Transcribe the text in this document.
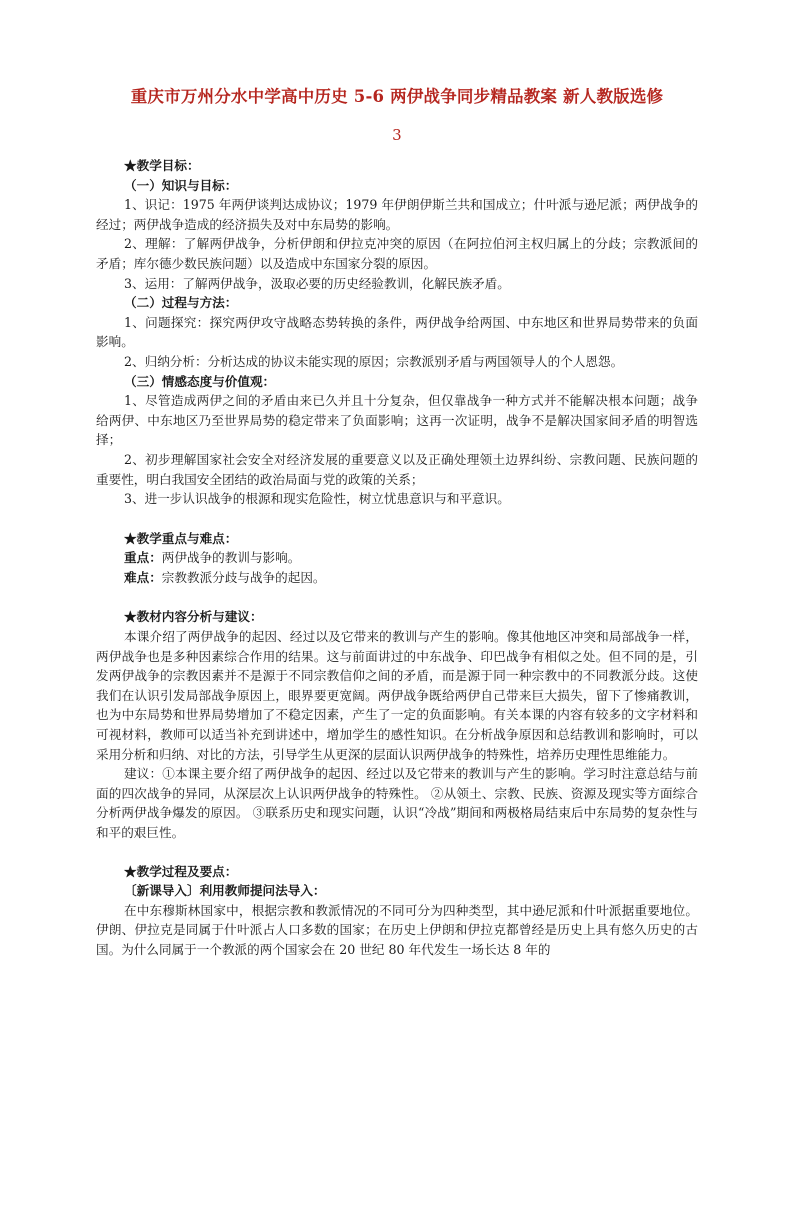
重庆市万州分水中学高中历史 5-6 两伊战争同步精品教案 新人教版选修
3

★教学目标：

（一）知识与目标：

1、识记：1975 年两伊谈判达成协议；1979 年伊朗伊斯兰共和国成立；什叶派与逊尼派；两伊战争的经过；两伊战争造成的经济损失及对中东局势的影响。

2、理解：了解两伊战争，分析伊朗和伊拉克冲突的原因（在阿拉伯河主权归属上的分歧；宗教派间的矛盾；库尔德少数民族问题）以及造成中东国家分裂的原因。

3、运用：了解两伊战争，汲取必要的历史经验教训，化解民族矛盾。

（二）过程与方法：

1、问题探究：探究两伊攻守战略态势转换的条件，两伊战争给两国、中东地区和世界局势带来的负面影响。

2、归纳分析：分析达成的协议未能实现的原因；宗教派别矛盾与两国领导人的个人恩怨。

（三）情感态度与价值观：

1、尽管造成两伊之间的矛盾由来已久并且十分复杂，但仅靠战争一种方式并不能解决根本问题；战争给两伊、中东地区乃至世界局势的稳定带来了负面影响；这再一次证明，战争不是解决国家间矛盾的明智选择；

2、初步理解国家社会安全对经济发展的重要意义以及正确处理领土边界纠纷、宗教问题、民族问题的重要性，明白我国安全团结的政治局面与党的政策的关系；

3、进一步认识战争的根源和现实危险性，树立忧患意识与和平意识。

★教学重点与难点：

重点：两伊战争的教训与影响。

难点：宗教教派分歧与战争的起因。

★教材内容分析与建议：

本课介绍了两伊战争的起因、经过以及它带来的教训与产生的影响。像其他地区冲突和局部战争一样，两伊战争也是多种因素综合作用的结果。这与前面讲过的中东战争、印巴战争有相似之处。但不同的是，引发两伊战争的宗教因素并不是源于不同宗教信仰之间的矛盾，而是源于同一种宗教中的不同教派分歧。这使我们在认识引发局部战争原因上，眼界要更宽阔。两伊战争既给两伊自己带来巨大损失，留下了惨痛教训，也为中东局势和世界局势增加了不稳定因素，产生了一定的负面影响。有关本课的内容有较多的文字材料和可视材料，教师可以适当补充到讲述中，增加学生的感性知识。在分析战争原因和总结教训和影响时，可以采用分析和归纳、对比的方法，引导学生从更深的层面认识两伊战争的特殊性，培养历史理性思维能力。

建议：①本课主要介绍了两伊战争的起因、经过以及它带来的教训与产生的影响。学习时注意总结与前面的四次战争的异同，从深层次上认识两伊战争的特殊性。 ②从领土、宗教、民族、资源及现实等方面综合分析两伊战争爆发的原因。 ③联系历史和现实问题，认识“冷战”期间和两极格局结束后中东局势的复杂性与和平的艰巨性。

★教学过程及要点：

〔新课导入〕利用教师提问法导入：

在中东穆斯林国家中，根据宗教和教派情况的不同可分为四种类型，其中逊尼派和什叶派据重要地位。伊朗、伊拉克是同属于什叶派占人口多数的国家；在历史上伊朗和伊拉克都曾经是历史上具有悠久历史的古国。为什么同属于一个教派的两个国家会在 20 世纪 80 年代发生一场长达 8 年的
